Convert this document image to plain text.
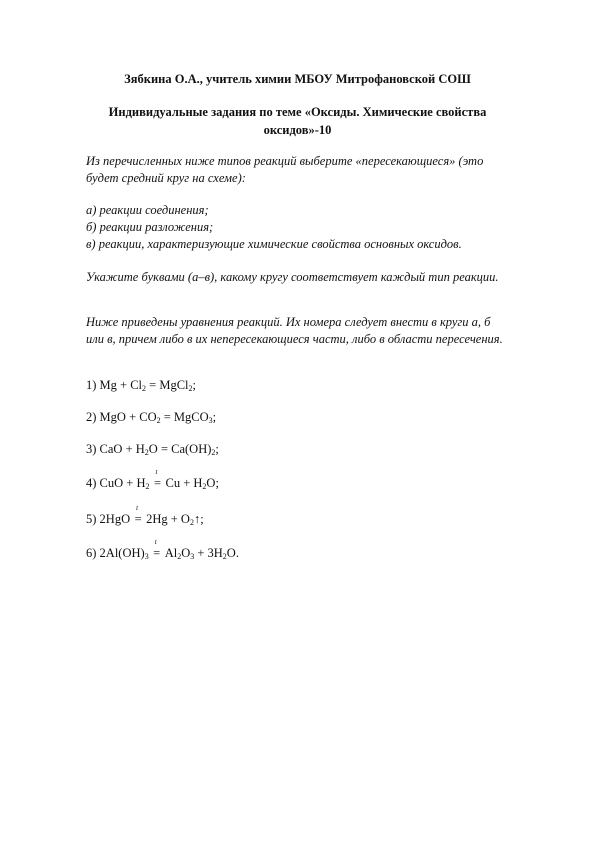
Зябкина О.А., учитель химии МБОУ Митрофановской СОШ
Индивидуальные задания по теме «Оксиды. Химические свойства оксидов»-10
Из перечисленных ниже типов реакций выберите «пересекающиеся» (это будет средний круг на схеме):
а) реакции соединения;
б) реакции разложения;
в) реакции, характеризующие химические свойства основных оксидов.
Укажите буквами (а–в), какому кругу соответствует каждый тип реакции.
Ниже приведены уравнения реакций. Их номера следует внести в круги а, б или в, причем либо в их непересекающиеся части, либо в области пересечения.
1) $Mg + Cl_2$ = MgCl$_2$;
2) MgO + $CO_2$ = MgCO$_3$;
3) CaO + $H_2O = Ca(OH)_2$;
4) CuO + $H_2$
t
= $Cu + H_2O$;
5) 2HgO
t
= $2Hg + O_2↑$;
6) $2Al(OH)_3$
t
= $Al_2O_3 + 3H_2O$.
